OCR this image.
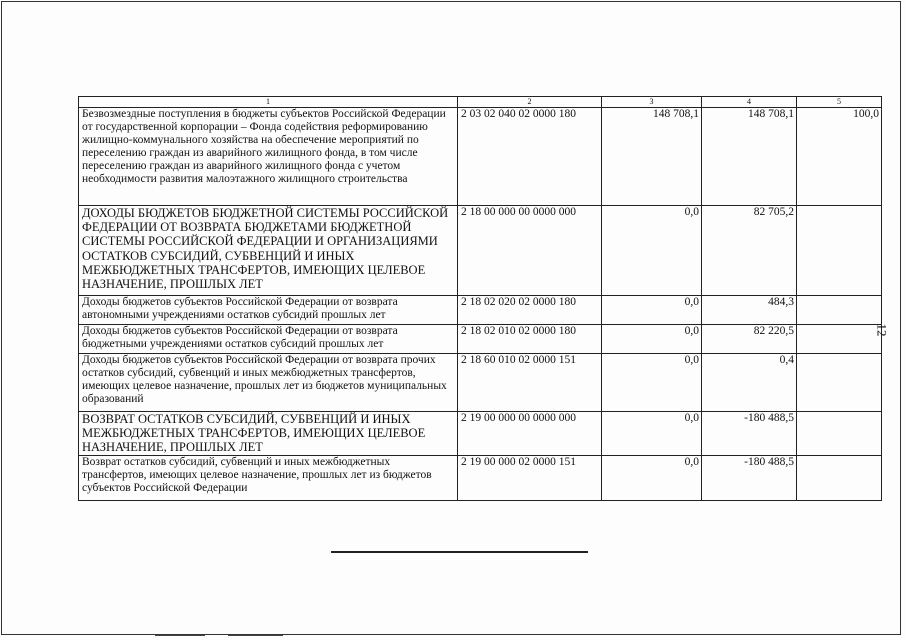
1	2	3	4	5
Безвозмездные поступления в бюджеты субъектов Российской Федерации от государственной корпорации – Фонда содействия реформированию жилищно-коммунального хозяйства на обеспечение мероприятий по переселению граждан из аварийного жилищного фонда, в том числе переселению граждан из аварийного жилищного фонда с учетом необходимости развития малоэтажного жилищного строительства	2 03 02 040 02 0000 180	148 708,1	148 708,1	100,0
ДОХОДЫ БЮДЖЕТОВ БЮДЖЕТНОЙ СИСТЕМЫ РОССИЙСКОЙ ФЕДЕРАЦИИ ОТ ВОЗВРАТА БЮДЖЕТАМИ БЮДЖЕТНОЙ СИСТЕМЫ РОССИЙСКОЙ ФЕДЕРАЦИИ И ОРГАНИЗАЦИЯМИ ОСТАТКОВ СУБСИДИЙ, СУБВЕНЦИЙ И ИНЫХ МЕЖБЮДЖЕТНЫХ ТРАНСФЕРТОВ, ИМЕЮЩИХ ЦЕЛЕВОЕ НАЗНАЧЕНИЕ, ПРОШЛЫХ ЛЕТ	2 18 00 000 00 0000 000	0,0	82 705,2	
Доходы бюджетов субъектов Российской Федерации от возврата автономными учреждениями остатков субсидий прошлых лет	2 18 02 020 02 0000 180	0,0	484,3	
Доходы бюджетов субъектов Российской Федерации от возврата бюджетными учреждениями остатков субсидий прошлых лет	2 18 02 010 02 0000 180	0,0	82 220,5	
Доходы бюджетов субъектов Российской Федерации от возврата прочих остатков субсидий, субвенций и иных межбюджетных трансфертов, имеющих целевое назначение, прошлых лет из бюджетов муниципальных образований	2 18 60 010 02 0000 151	0,0	0,4	
ВОЗВРАТ ОСТАТКОВ СУБСИДИЙ, СУБВЕНЦИЙ И ИНЫХ МЕЖБЮДЖЕТНЫХ ТРАНСФЕРТОВ, ИМЕЮЩИХ ЦЕЛЕВОЕ НАЗНАЧЕНИЕ, ПРОШЛЫХ ЛЕТ	2 19 00 000 00 0000 000	0,0	-180 488,5	
Возврат остатков субсидий, субвенций и иных межбюджетных трансфертов, имеющих целевое назначение, прошлых лет из бюджетов субъектов Российской Федерации	2 19 00 000 02 0000 151	0,0	-180 488,5	
12
